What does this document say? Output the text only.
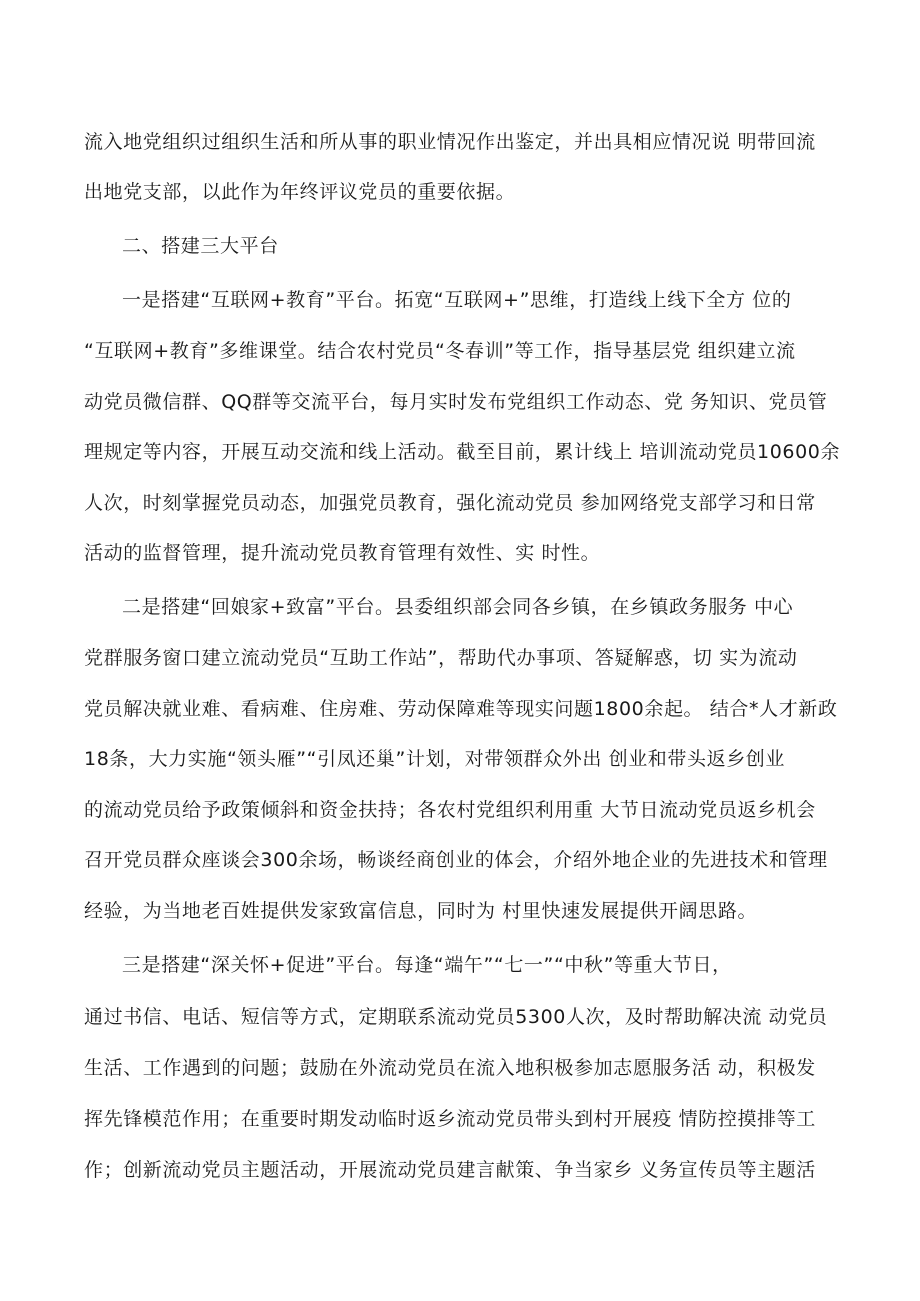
流入地党组织过组织生活和所从事的职业情况作出鉴定，并出具相应情况说 明带回流
出地党支部，以此作为年终评议党员的重要依据。
二、搭建三大平台
一是搭建“互联网+教育”平台。拓宽“互联网+”思维，打造线上线下全方 位的
“互联网+教育”多维课堂。结合农村党员“冬春训”等工作，指导基层党 组织建立流
动党员微信群、QQ群等交流平台，每月实时发布党组织工作动态、党 务知识、党员管
理规定等内容，开展互动交流和线上活动。截至目前，累计线上 培训流动党员10600余
人次，时刻掌握党员动态，加强党员教育，强化流动党员 参加网络党支部学习和日常
活动的监督管理，提升流动党员教育管理有效性、实 时性。
二是搭建“回娘家+致富”平台。县委组织部会同各乡镇，在乡镇政务服务 中心
党群服务窗口建立流动党员“互助工作站”，帮助代办事项、答疑解惑，切 实为流动
党员解决就业难、看病难、住房难、劳动保障难等现实问题1800余起。 结合*人才新政
18条，大力实施“领头雁”“引凤还巢”计划，对带领群众外出 创业和带头返乡创业
的流动党员给予政策倾斜和资金扶持；各农村党组织利用重 大节日流动党员返乡机会
召开党员群众座谈会300余场，畅谈经商创业的体会，介绍外地企业的先进技术和管理
经验，为当地老百姓提供发家致富信息，同时为 村里快速发展提供开阔思路。
三是搭建“深关怀+促进”平台。每逢“端午”“七一”“中秋”等重大节日，
通过书信、电话、短信等方式，定期联系流动党员5300人次，及时帮助解决流 动党员
生活、工作遇到的问题；鼓励在外流动党员在流入地积极参加志愿服务活 动，积极发
挥先锋模范作用；在重要时期发动临时返乡流动党员带头到村开展疫 情防控摸排等工
作；创新流动党员主题活动，开展流动党员建言献策、争当家乡 义务宣传员等主题活
